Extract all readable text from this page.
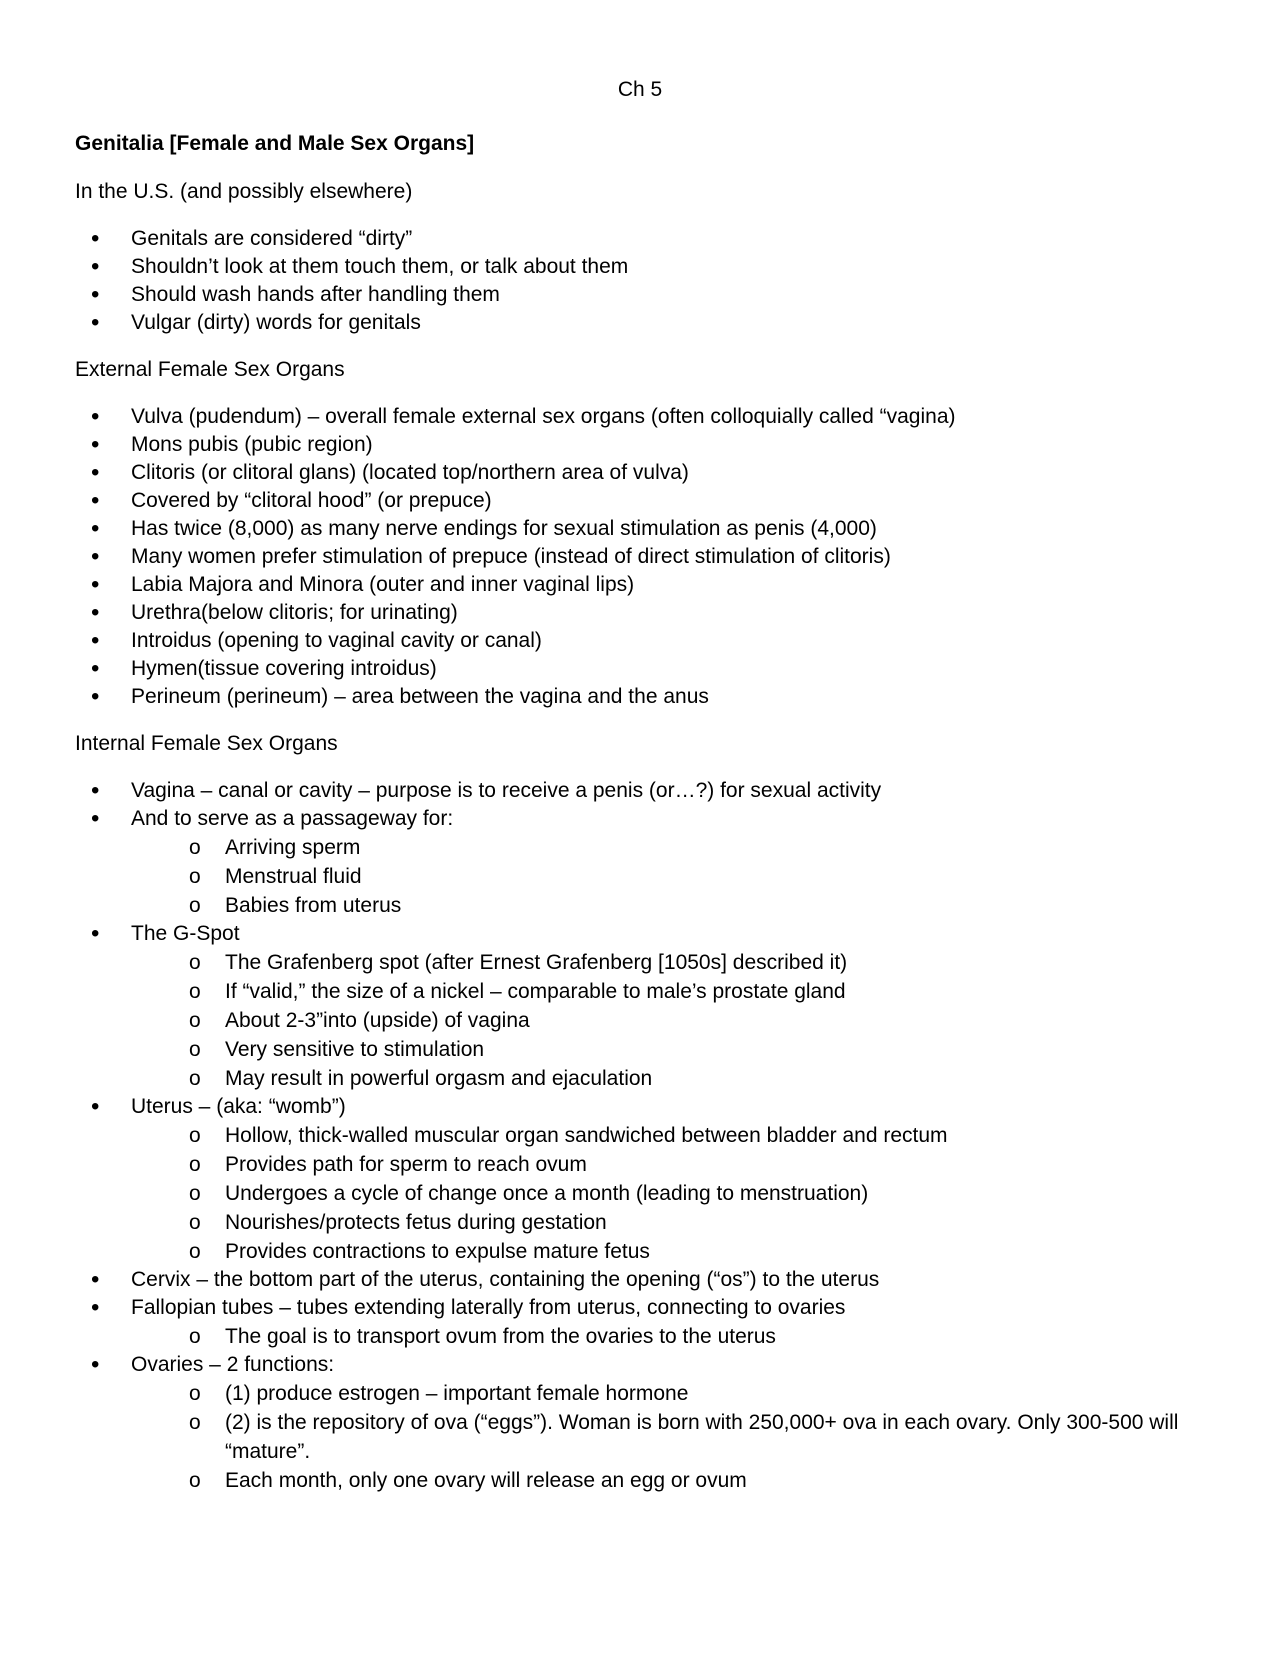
Ch 5
Genitalia [Female and Male Sex Organs]
In the U.S. (and possibly elsewhere)
• Genitals are considered “dirty”
• Shouldn’t look at them touch them, or talk about them
• Should wash hands after handling them
• Vulgar (dirty) words for genitals
External Female Sex Organs
• Vulva (pudendum) – overall female external sex organs (often colloquially called “vagina)
• Mons pubis (pubic region)
• Clitoris (or clitoral glans) (located top/northern area of vulva)
• Covered by “clitoral hood” (or prepuce)
• Has twice (8,000) as many nerve endings for sexual stimulation as penis (4,000)
• Many women prefer stimulation of prepuce (instead of direct stimulation of clitoris)
• Labia Majora and Minora (outer and inner vaginal lips)
• Urethra(below clitoris; for urinating)
• Introidus (opening to vaginal cavity or canal)
• Hymen(tissue covering introidus)
• Perineum (perineum) – area between the vagina and the anus
Internal Female Sex Organs
• Vagina – canal or cavity – purpose is to receive a penis (or…?) for sexual activity
• And to serve as a passageway for:
o Arriving sperm
o Menstrual fluid
o Babies from uterus
• The G-Spot
o The Grafenberg spot (after Ernest Grafenberg [1050s] described it)
o If “valid,” the size of a nickel – comparable to male’s prostate gland
o About 2-3”into (upside) of vagina
o Very sensitive to stimulation
o May result in powerful orgasm and ejaculation
• Uterus – (aka: “womb”)
o Hollow, thick-walled muscular organ sandwiched between bladder and rectum
o Provides path for sperm to reach ovum
o Undergoes a cycle of change once a month (leading to menstruation)
o Nourishes/protects fetus during gestation
o Provides contractions to expulse mature fetus
• Cervix – the bottom part of the uterus, containing the opening (“os”) to the uterus
• Fallopian tubes – tubes extending laterally from uterus, connecting to ovaries
o The goal is to transport ovum from the ovaries to the uterus
• Ovaries – 2 functions:
o (1) produce estrogen – important female hormone
o (2) is the repository of ova (“eggs”). Woman is born with 250,000+ ova in each ovary. Only 300-500 will “mature”.
o Each month, only one ovary will release an egg or ovum
